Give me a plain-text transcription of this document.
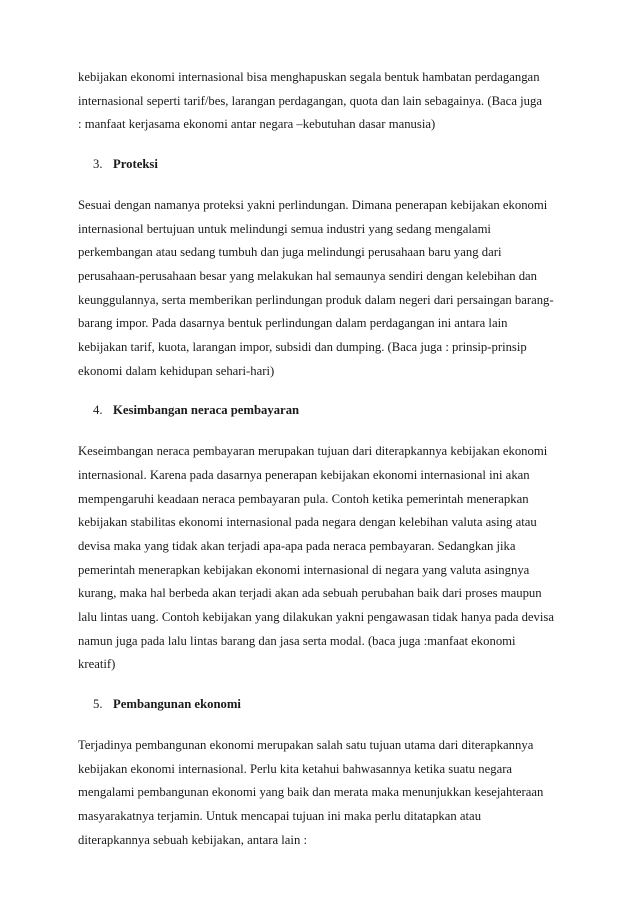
kebijakan ekonomi internasional bisa menghapuskan segala bentuk hambatan perdagangan
internasional seperti tarif/bes, larangan perdagangan, quota dan lain sebagainya. (Baca juga
: manfaat kerjasama ekonomi antar negara –kebutuhan dasar manusia)

3. Proteksi

Sesuai dengan namanya proteksi yakni perlindungan. Dimana penerapan kebijakan ekonomi
internasional bertujuan untuk melindungi semua industri yang sedang mengalami
perkembangan atau sedang tumbuh dan juga melindungi perusahaan baru yang dari
perusahaan-perusahaan besar yang melakukan hal semaunya sendiri dengan kelebihan dan
keunggulannya, serta memberikan perlindungan produk dalam negeri dari persaingan barang-
barang impor. Pada dasarnya bentuk perlindungan dalam perdagangan ini antara lain
kebijakan tarif, kuota, larangan impor, subsidi dan dumping. (Baca juga : prinsip-prinsip
ekonomi dalam kehidupan sehari-hari)

4. Kesimbangan neraca pembayaran

Keseimbangan neraca pembayaran merupakan tujuan dari diterapkannya kebijakan ekonomi
internasional. Karena pada dasarnya penerapan kebijakan ekonomi internasional ini akan
mempengaruhi keadaan neraca pembayaran pula. Contoh ketika pemerintah menerapkan
kebijakan stabilitas ekonomi internasional pada negara dengan kelebihan valuta asing atau
devisa maka yang tidak akan terjadi apa-apa pada neraca pembayaran. Sedangkan jika
pemerintah menerapkan kebijakan ekonomi internasional di negara yang valuta asingnya
kurang, maka hal berbeda akan terjadi akan ada sebuah perubahan baik dari proses maupun
lalu lintas uang. Contoh kebijakan yang dilakukan yakni pengawasan tidak hanya pada devisa
namun juga pada lalu lintas barang dan jasa serta modal. (baca juga :manfaat ekonomi
kreatif)

5. Pembangunan ekonomi

Terjadinya pembangunan ekonomi merupakan salah satu tujuan utama dari diterapkannya
kebijakan ekonomi internasional. Perlu kita ketahui bahwasannya ketika suatu negara
mengalami pembangunan ekonomi yang baik dan merata maka menunjukkan kesejahteraan
masyarakatnya terjamin. Untuk mencapai tujuan ini maka perlu ditatapkan atau
diterapkannya sebuah kebijakan, antara lain :
